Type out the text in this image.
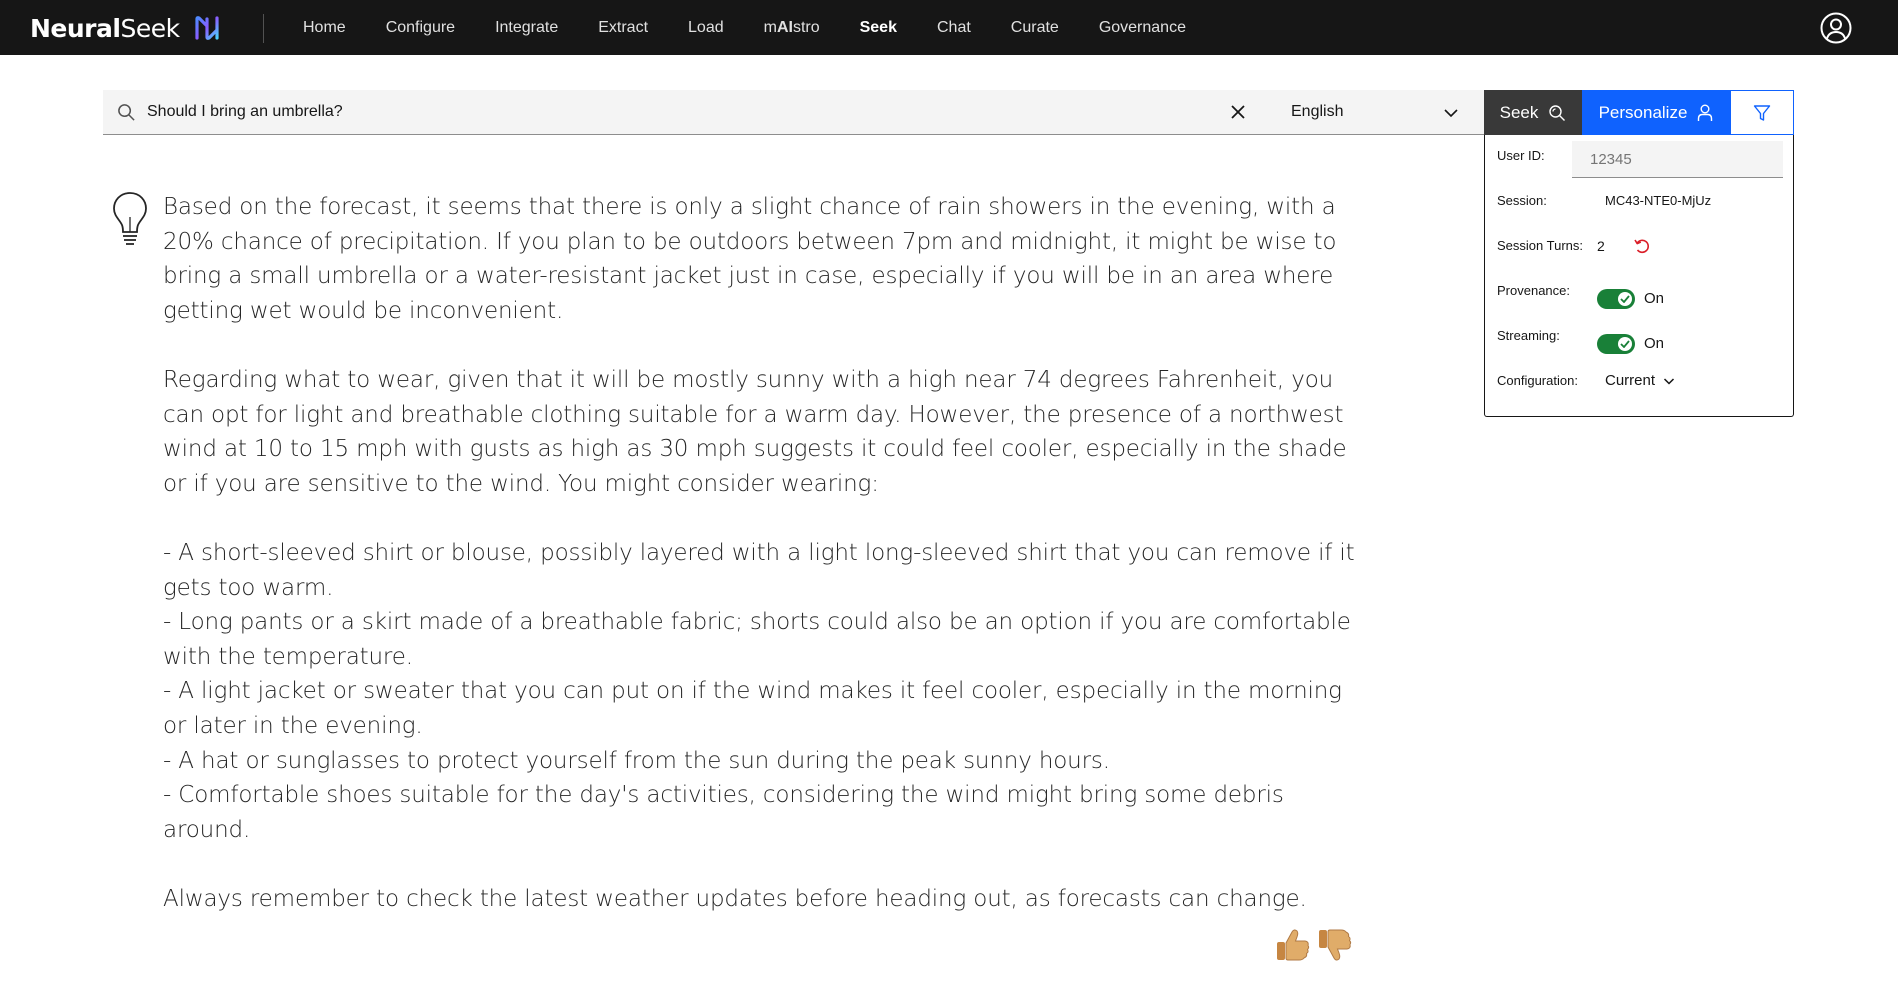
NeuralSeek	Home	Configure	Integrate	Extract	Load	mAIstro	Seek	Chat	Curate	Governance
Should I bring an umbrella?
English	Seek	Personalize
User ID:
12345
Session:	MC43-NTE0-MjUz
Session Turns: 2
Provenance:	On
Streaming:	On
Configuration: Current

Based on the forecast, it seems that there is only a slight chance of rain showers in the evening, with a 20% chance of precipitation. If you plan to be outdoors between 7pm and midnight, it might be wise to bring a small umbrella or a water-resistant jacket just in case, especially if you will be in an area where getting wet would be inconvenient.

Regarding what to wear, given that it will be mostly sunny with a high near 74 degrees Fahrenheit, you can opt for light and breathable clothing suitable for a warm day. However, the presence of a northwest wind at 10 to 15 mph with gusts as high as 30 mph suggests it could feel cooler, especially in the shade or if you are sensitive to the wind. You might consider wearing:

- A short-sleeved shirt or blouse, possibly layered with a light long-sleeved shirt that you can remove if it gets too warm.

- Long pants or a skirt made of a breathable fabric; shorts could also be an option if you are comfortable with the temperature.

- A light jacket or sweater that you can put on if the wind makes it feel cooler, especially in the morning or later in the evening.

- A hat or sunglasses to protect yourself from the sun during the peak sunny hours.

- Comfortable shoes suitable for the day's activities, considering the wind might bring some debris around.

Always remember to check the latest weather updates before heading out, as forecasts can change.
